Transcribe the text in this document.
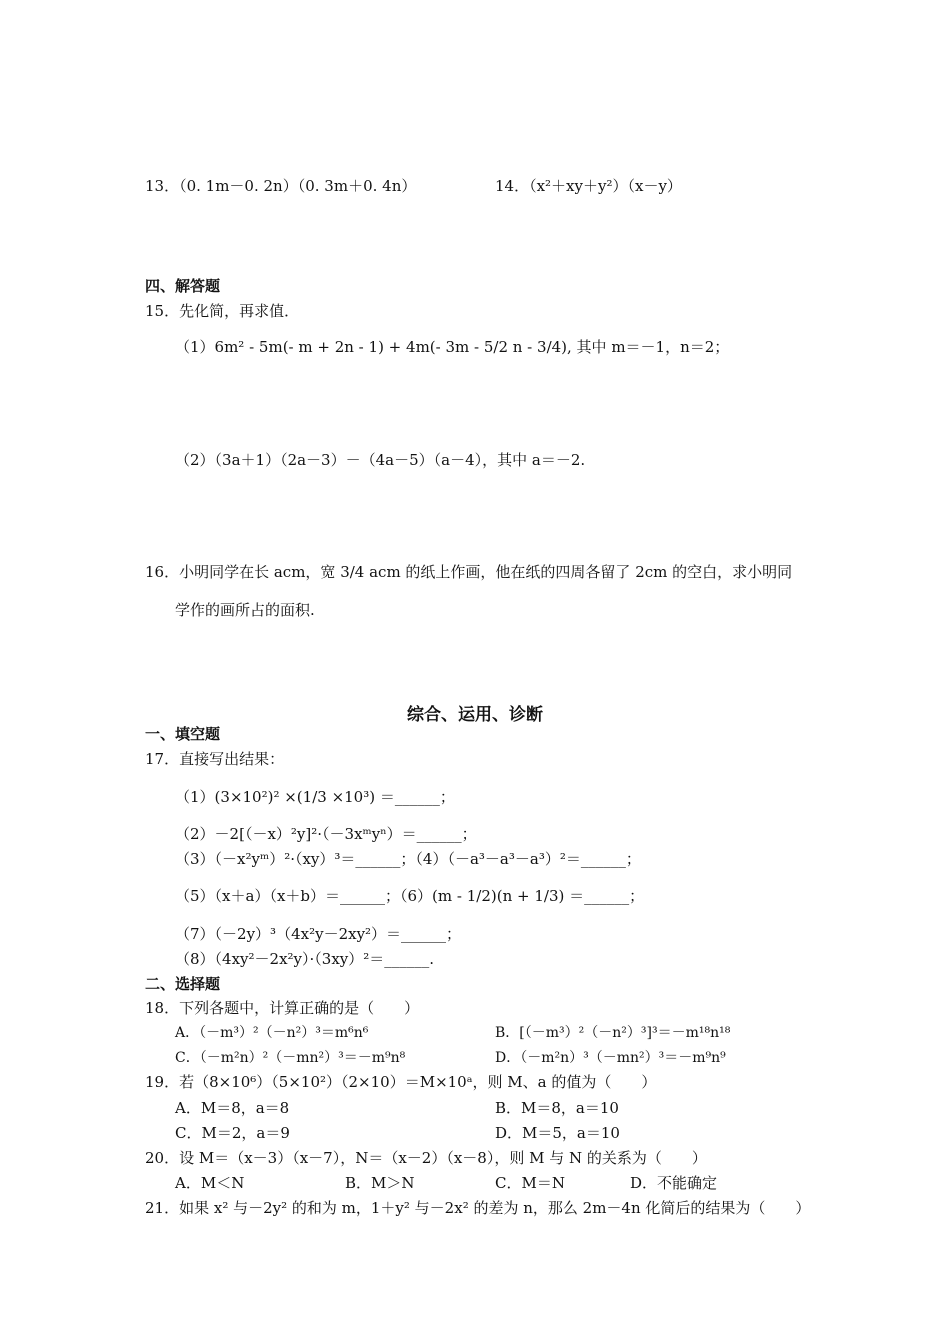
13．（0. 1m－0. 2n）（0. 3m＋0. 4n）	14．（x²＋xy＋y²）（x－y）
四、解答题
15．先化简，再求值．
（1）6m² - 5m(- m + 2n - 1) + 4m(- 3m - 5/2 n - 3/4), 其中 m＝－1，n＝2；
（2）（3a＋1）（2a－3）－（4a－5）（a－4），其中 a＝－2.
16．小明同学在长 acm，宽 3/4 acm 的纸上作画，他在纸的四周各留了 2cm 的空白，求小明同
学作的画所占的面积.
综合、运用、诊断
一、填空题
17．直接写出结果：
（1）(3×10²)² ×(1/3 ×10³) ＝______；
（2）－2[（－x）²y]²·（－3xᵐyⁿ）＝______；
（3）（－x²yᵐ）²·（xy）³＝______；（4）（－a³－a³－a³）²＝______；
（5）（x＋a）（x＋b）＝______；（6）(m - 1/2)(n + 1/3) ＝______；
（7）（－2y）³（4x²y－2xy²）＝______；
（8）（4xy²－2x²y）·（3xy）²＝______.
二、选择题
18．下列各题中，计算正确的是（　　）
A．（－m³）²（－n²）³＝m⁶n⁶	B．[（－m³）²（－n²）³]³＝－m¹⁸n¹⁸
C．（－m²n）²（－mn²）³＝－m⁹n⁸	D．（－m²n）³（－mn²）³＝－m⁹n⁹
19．若（8×10⁶）（5×10²）（2×10）＝M×10ᵃ，则 M、a 的值为（　　）
A．M＝8，a＝8	B．M＝8，a＝10
C．M＝2，a＝9	D．M＝5，a＝10
20．设 M＝（x－3）（x－7），N＝（x－2）（x－8），则 M 与 N 的关系为（　　）
A．M＜N	B．M＞N	C．M＝N	D．不能确定
21．如果 x² 与－2y² 的和为 m，1＋y² 与－2x² 的差为 n，那么 2m－4n 化简后的结果为（　　）
